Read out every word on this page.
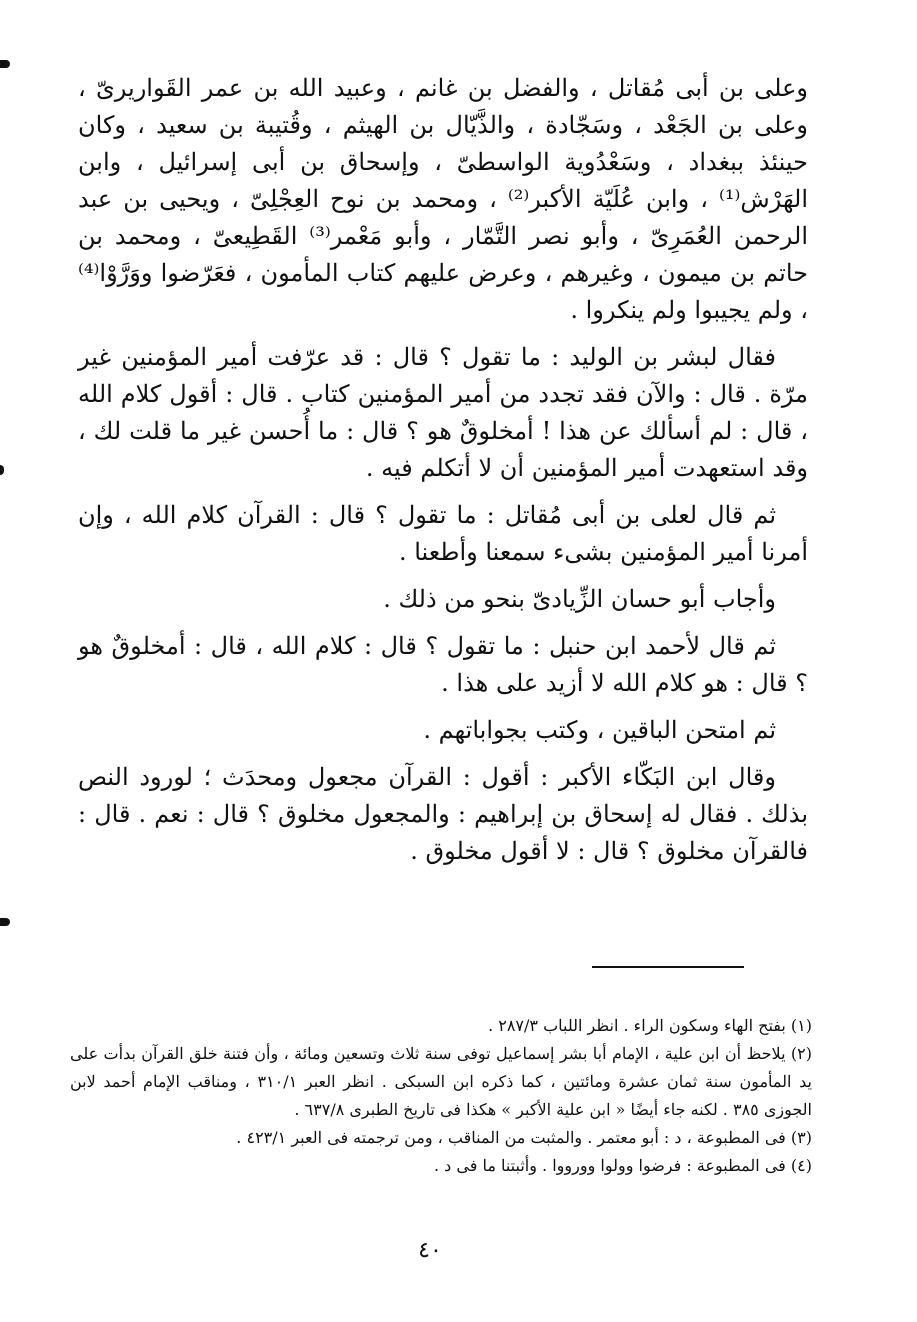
وعلى بن أبى مُقاتل ، والفضل بن غانم ، وعبيد الله بن عمر القَواريرىّ ، وعلى بن الجَعْد ، وسَجّادة ، والذَّيّال بن الهيثم ، وقُتيبة بن سعيد ، وكان حينئذ ببغداد ، وسَعْدُوية الواسطىّ ، وإسحاق بن أبى إسرائيل ، وابن الهَرْش⁽¹⁾ ، وابن عُلَيّة الأكبر⁽²⁾ ، ومحمد بن نوح العِجْلِىّ ، ويحيى بن عبد الرحمن العُمَرِىّ ، وأبو نصر التَّمّار ، وأبو مَعْمر⁽³⁾ القَطِيعىّ ، ومحمد بن حاتم بن ميمون ، وغيرهم ، وعرض عليهم كتاب المأمون ، فعَرّضوا ووَرَّوْا⁽⁴⁾ ، ولم يجيبوا ولم ينكروا .

فقال لبشر بن الوليد : ما تقول ؟ قال : قد عرّفت أمير المؤمنين غير مرّة . قال : والآن فقد تجدد من أمير المؤمنين كتاب . قال : أقول كلام الله ، قال : لم أسألك عن هذا ! أمخلوقٌ هو ؟ قال : ما أُحسن غير ما قلت لك ، وقد استعهدت أمير المؤمنين أن لا أتكلم فيه .

ثم قال لعلى بن أبى مُقاتل : ما تقول ؟ قال : القرآن كلام الله ، وإن أمرنا أمير المؤمنين بشىء سمعنا وأطعنا .

وأجاب أبو حسان الزِّيادىّ بنحو من ذلك .

ثم قال لأحمد ابن حنبل : ما تقول ؟ قال : كلام الله ، قال : أمخلوقٌ هو ؟ قال : هو كلام الله لا أزيد على هذا .

ثم امتحن الباقين ، وكتب بجواباتهم .

وقال ابن البَكّاء الأكبر : أقول : القرآن مجعول ومحدَث ؛ لورود النص بذلك . فقال له إسحاق بن إبراهيم : والمجعول مخلوق ؟ قال : نعم . قال : فالقرآن مخلوق ؟ قال : لا أقول مخلوق .

(١) بفتح الهاء وسكون الراء . انظر اللباب ٢٨٧/٣ .

(٢) يلاحظ أن ابن علية ، الإمام أبا بشر إسماعيل توفى سنة ثلاث وتسعين ومائة ، وأن فتنة خلق القرآن بدأت على يد المأمون سنة ثمان عشرة ومائتين ، كما ذكره ابن السبكى . انظر العبر ٣١٠/١ ، ومناقب الإمام أحمد لابن الجوزى ٣٨٥ . لكنه جاء أيضًا « ابن علية الأكبر » هكذا فى تاريخ الطبرى ٦٣٧/٨ .

(٣) فى المطبوعة ، د : أبو معتمر . والمثبت من المناقب ، ومن ترجمته فى العبر ٤٢٣/١ .

(٤) فى المطبوعة : فرضوا وولوا وورووا . وأثبتنا ما فى د .

٤٠
